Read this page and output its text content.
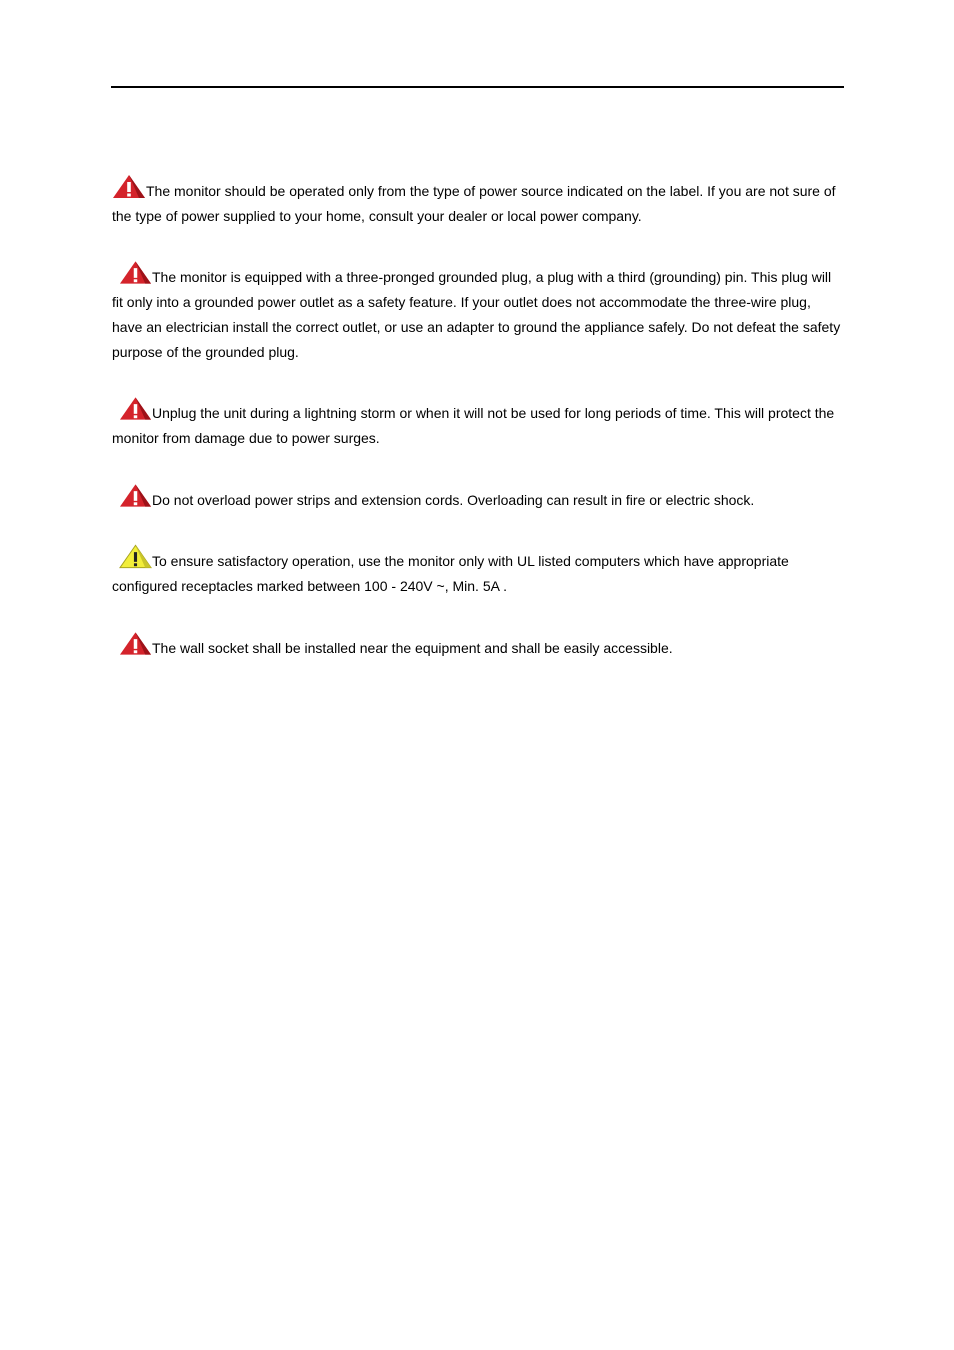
The monitor should be operated only from the type of power source indicated on the label. If you are not sure of the type of power supplied to your home, consult your dealer or local power company.

The monitor is equipped with a three-pronged grounded plug, a plug with a third (grounding) pin. This plug will fit only into a grounded power outlet as a safety feature. If your outlet does not accommodate the three-wire plug, have an electrician install the correct outlet, or use an adapter to ground the appliance safely. Do not defeat the safety purpose of the grounded plug.

Unplug the unit during a lightning storm or when it will not be used for long periods of time. This will protect the monitor from damage due to power surges.

Do not overload power strips and extension cords. Overloading can result in fire or electric shock.

To ensure satisfactory operation, use the monitor only with UL listed computers which have appropriate configured receptacles marked between 100 - 240V ~, Min. 5A .

The wall socket shall be installed near the equipment and shall be easily accessible.
